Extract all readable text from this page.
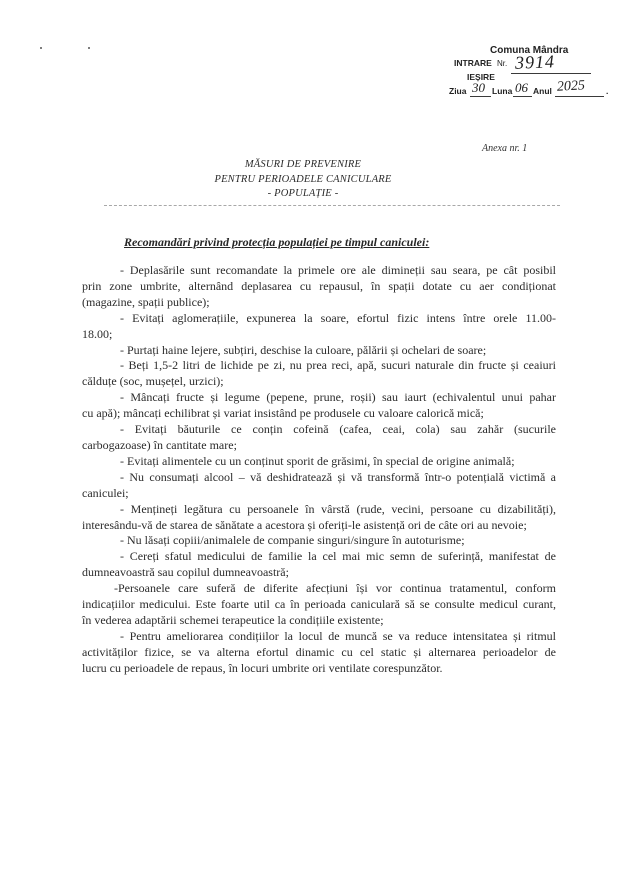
Comuna Mândra
INTRARE Nr. 3914
IEȘIRE
Ziua 30 Luna 06 Anul 2025 .
Anexa nr. 1
MĂSURI DE PREVENIRE
PENTRU PERIOADELE CANICULARE
- POPULAȚIE -
Recomandări privind protecția populației pe timpul caniculei:
- Deplasările sunt recomandate la primele ore ale dimineții sau seara, pe cât posibil
prin zone umbrite, alternând deplasarea cu repausul, în spații dotate cu aer condiționat
(magazine, spații publice);
- Evitați aglomerațiile, expunerea la soare, efortul fizic intens între orele 11.00-
18.00;
- Purtați haine lejere, subțiri, deschise la culoare, pălării și ochelari de soare;
- Beți 1,5-2 litri de lichide pe zi, nu prea reci, apă, sucuri naturale din fructe și ceaiuri
călduțe (soc, mușețel, urzici);
- Mâncați fructe și legume (pepene, prune, roșii) sau iaurt (echivalentul unui pahar
cu apă); mâncați echilibrat și variat insistând pe produsele cu valoare calorică mică;
- Evitați băuturile ce conțin cofeină (cafea, ceai, cola) sau zahăr (sucurile
carbogazoase) în cantitate mare;
- Evitați alimentele cu un conținut sporit de grăsimi, în special de origine animală;
- Nu consumați alcool – vă deshidratează și vă transformă într-o potențială victimă a
caniculei;
- Mențineți legătura cu persoanele în vârstă (rude, vecini, persoane cu dizabilități),
interesându-vă de starea de sănătate a acestora și oferiți-le asistență ori de câte ori au nevoie;
- Nu lăsați copiii/animalele de companie singuri/singure în autoturisme;
- Cereți sfatul medicului de familie la cel mai mic semn de suferință, manifestat de
dumneavoastră sau copilul dumneavoastră;
-Persoanele care suferă de diferite afecțiuni își vor continua tratamentul, conform
indicațiilor medicului. Este foarte util ca în perioada caniculară să se consulte medicul curant,
în vederea adaptării schemei terapeutice la condițiile existente;
- Pentru ameliorarea condițiilor la locul de muncă se va reduce intensitatea și ritmul
activităților fizice, se va alterna efortul dinamic cu cel static și alternarea perioadelor de
lucru cu perioadele de repaus, în locuri umbrite ori ventilate corespunzător.
